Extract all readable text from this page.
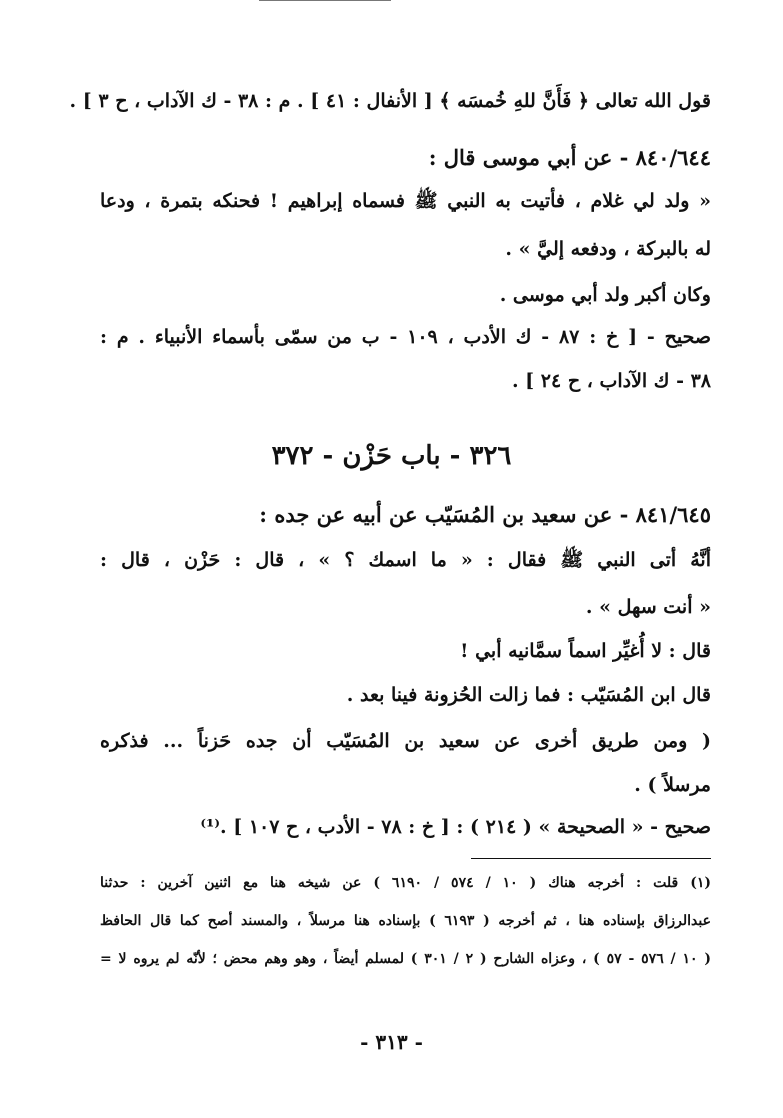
قول الله تعالى ﴿ فَأَنَّ للهِ خُمسَه ﴾ [ الأنفال : ٤١ ] . م : ٣٨ - ك الآداب ، ح ٣ ] .
٨٤٠/٦٤٤ - عن أبي موسى قال :
« ولد لي غلام ، فأتيت به النبي ﷺ فسماه إبراهيم ! فحنكه بتمرة ، ودعا
له بالبركة ، ودفعه إليَّ » .
وكان أكبر ولد أبي موسى .
صحيح - [ خ : ٨٧ - ك الأدب ، ١٠٩ - ب من سمّى بأسماء الأنبياء . م :
٣٨ - ك الآداب ، ح ٢٤ ] .
٣٢٦ - باب حَزْن - ٣٧٢
٨٤١/٦٤٥ - عن سعيد بن المُسَيّب عن أبيه عن جده :
أنَّهُ أتى النبي ﷺ فقال : « ما اسمك ؟ » ، قال : حَزْن ، قال :
« أنت سهل » .
قال : لا أُغيِّر اسماً سمَّانيه أبي !
قال ابن المُسَيّب : فما زالت الحُزونة فينا بعد .
( ومن طريق أخرى عن سعيد بن المُسَيّب أن جده حَزناً ... فذكره
مرسلاً ) .
صحيح - « الصحيحة » ( ٢١٤ ) : [ خ : ٧٨ - الأدب ، ح ١٠٧ ] .⁽¹⁾
(١) قلت : أخرجه هناك ( ١٠ / ٥٧٤ / ٦١٩٠ ) عن شيخه هنا مع اثنين آخرين : حدثنا
عبدالرزاق بإسناده هنا ، ثم أخرجه ( ٦١٩٣ ) بإسناده هنا مرسلاً ، والمسند أصح كما قال الحافظ
( ١٠ / ٥٧٦ - ٥٧ ) ، وعزاه الشارح ( ٢ / ٣٠١ ) لمسلم أيضاً ، وهو وهم محض ؛ لأنّه لم يروه لا =
- ٣١٣ -
